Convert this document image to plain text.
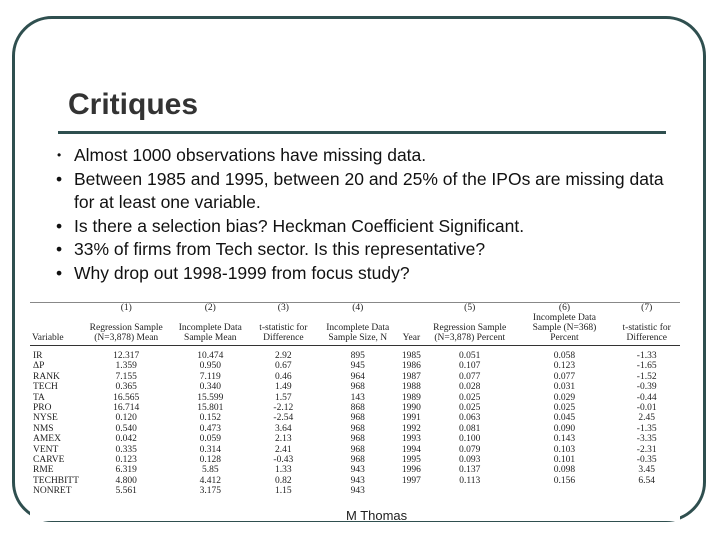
Critiques
• Almost 1000 observations have missing data.
• Between 1985 and 1995, between 20 and 25% of the IPOs are missing data for at least one variable.
• Is there a selection bias? Heckman Coefficient Significant.
• 33% of firms from Tech sector. Is this representative?
• Why drop out 1998-1999 from focus study?
	(1)	(2)	(3)	(4)		(5)	(6)	(7)
Variable	Regression Sample (N=3,878) Mean	Incomplete Data Sample Mean	t-statistic for Difference	Incomplete Data Sample Size, N	Year	Regression Sample (N=3,878) Percent	Incomplete Data Sample (N=368) Percent	t-statistic for Difference
IR	12.317	10.474	2.92	895	1985	0.051	0.058	-1.33
ΔP	1.359	0.950	0.67	945	1986	0.107	0.123	-1.65
RANK	7.155	7.119	0.46	964	1987	0.077	0.077	-1.52
TECH	0.365	0.340	1.49	968	1988	0.028	0.031	-0.39
TA	16.565	15.599	1.57	143	1989	0.025	0.029	-0.44
PRO	16.714	15.801	-2.12	868	1990	0.025	0.025	-0.01
NYSE	0.120	0.152	-2.54	968	1991	0.063	0.045	2.45
NMS	0.540	0.473	3.64	968	1992	0.081	0.090	-1.35
AMEX	0.042	0.059	2.13	968	1993	0.100	0.143	-3.35
VENT	0.335	0.314	2.41	968	1994	0.079	0.103	-2.31
CARVE	0.123	0.128	-0.43	968	1995	0.093	0.101	-0.35
RME	6.319	5.85	1.33	943	1996	0.137	0.098	3.45
TECHBITT	4.800	4.412	0.82	943	1997	0.113	0.156	6.54
NONRET	5.561	3.175	1.15	943				
M Thomas
